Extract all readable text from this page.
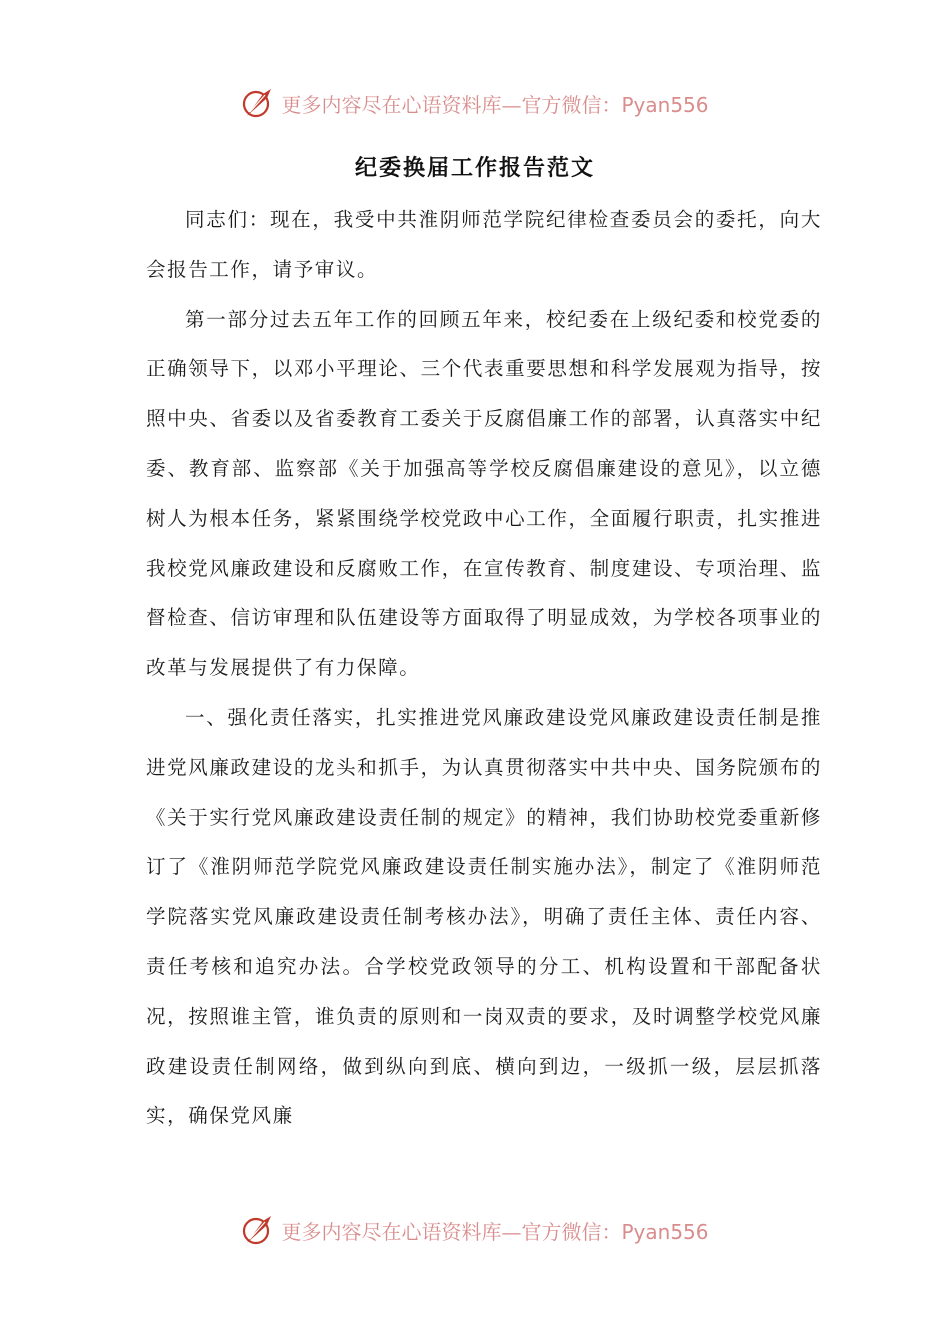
更多内容尽在心语资料库—官方微信：Pyan556
纪委换届工作报告范文

同志们：现在，我受中共淮阴师范学院纪律检查委员会的委托，向大会报告工作，请予审议。

第一部分过去五年工作的回顾五年来，校纪委在上级纪委和校党委的正确领导下，以邓小平理论、三个代表重要思想和科学发展观为指导，按照中央、省委以及省委教育工委关于反腐倡廉工作的部署，认真落实中纪委、教育部、监察部《关于加强高等学校反腐倡廉建设的意见》，以立德树人为根本任务，紧紧围绕学校党政中心工作，全面履行职责，扎实推进我校党风廉政建设和反腐败工作，在宣传教育、制度建设、专项治理、监督检查、信访审理和队伍建设等方面取得了明显成效，为学校各项事业的改革与发展提供了有力保障。

一、强化责任落实，扎实推进党风廉政建设党风廉政建设责任制是推进党风廉政建设的龙头和抓手，为认真贯彻落实中共中央、国务院颁布的《关于实行党风廉政建设责任制的规定》的精神，我们协助校党委重新修订了《淮阴师范学院党风廉政建设责任制实施办法》，制定了《淮阴师范学院落实党风廉政建设责任制考核办法》，明确了责任主体、责任内容、责任考核和追究办法。合学校党政领导的分工、机构设置和干部配备状况，按照谁主管，谁负责的原则和一岗双责的要求，及时调整学校党风廉政建设责任制网络，做到纵向到底、横向到边，一级抓一级，层层抓落实，确保党风廉

更多内容尽在心语资料库—官方微信：Pyan556
